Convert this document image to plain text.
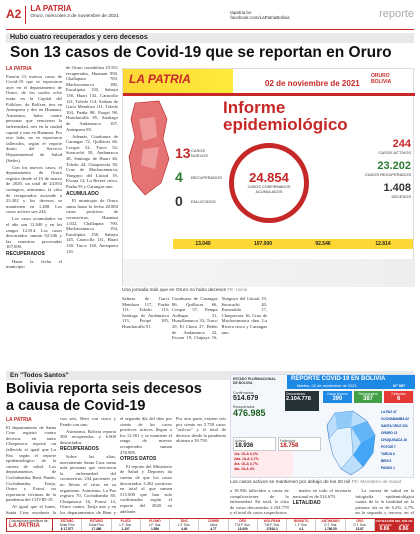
A2 LA PATRIA
Oruro, miércoles 3 de noviembre de 2021
lapatria.bo
facebook.com/LaPatriaBolivia	reporte
Hubo cuatro recuperados y cero decesos
Son 13 casos de Covid-19 que se reportan en Oruro
LA PATRIA

Fueron 13 nuevos casos de Covid-19 que se reportaron ayer en el departamento de Oruro, de los cuales ocho están en la Capital del Folklore, de Bolívar, tres en Antequera y dos en Huanuni. Asimismo, hubo cuatro personas que vencieron la enfermedad, tres en la ciudad capital y uno en Huanuni. Por otro lado, no se reportaron fallecidos, según el reporte diario del Servicio Departamental de Salud (Sedes).

Con los nuevos casos, el departamento de Oruro registra desde el 10 de marzo de 2020, un total de 24.854 contagios, asimismo, la cifra de recuperados asciende a 23.202 y los decesos se mantienen en 1.408. Los casos activos son 244.

Los casos acumulados en el año son 12.040 y en los rangos 12.814. Los casos descartados suman 92.546 y las muestras procesadas 107.000.

RECUPERADOS

Hasta la fecha el municipio

de Oruro contabiliza 19.551 recuperados, Huanuni 958, Challapata 703, Machacamarca 180, Eucaliptus 150, Sabaya 138, Huari 132, Caracollo 121, Toledo 114, Salinas de Garci Mendoza 111, Toledo 104, Pazña 98, Poopó 98, Huachacalla 85, Santiago de Andamarca 107, Antequera 85.

Además, Curahuara de Carangas 72, Quillacas 66, Corque 52, Turco 52, Soracachi 50, Andamarca 48, Santiago de Huari 46, Toledo 44, Choquecota 38, Cruz de Machacamarca, Yunguyo del Litoral 19, Escara 12, La Rivera cinco, Pazña 95 y Carangas uno.

ACUMULADO

El municipio de Oruro suma hasta la fecha 20.884 casos positivos de coronavirus, Huanuni 1.032, Challapata 790, Machacamarca 194, Eucaliptus 158, Sabaya 145, Caracollo 131, Huari 138, Turco 130, Antequera 118.

Salinas de Garci Mendoza 117, Pazña 111, Toledo 113, Santiago de Andamarca 113, Poopó 105, Huachacalla 91.

Curahuara de Carangas 86, Quillacas 66, Corque 57, Pampa Aullagas 31, Huayllamarca 33, Turco 29, El Choro 27, Belén de Andamarca 22, Escara 19, Chipaya 16, Yunguyo del Litoral 19, Soracachi 20, Esmeralda 17, Choquecota 16, Cruz de Machacamarca diez, La Rivera cinco y Carangas uno.

LA PATRIA	02 de noviembre de 2021
ORURO BOLIVIA
Informe epidemiológico
13 CASOS NUEVOS
4	RECUPERADOS
0	FALLECIDOS
24.854
CASOS CONFIRMADOS ACUMULADOS
244
CASOS ACTIVOS
23.202
CASOS RECUPERADOS
1.408
DECESOS
13.040	107.000	92.546	12.814
Una jornada más que en Oruro no hubo decesos FE: Inicio
En "Todos Santos"
Bolivia reporta seis decesos a causa de Covid-19
LA PATRIA

El departamento de Santa Cruz registró cuatro decesos, en tanto Chuquisaca reportó un fallecido al igual que La Paz, según el reporte epidemiológico de la cartera de salud. Los departamentos de Cochabamba, Beni, Pando, Cochabamba, Tarija, Oruro y Potosí no reportaron víctimas de la pandemia del COVID-19.

Al igual que el lunes, Santa Cruz encabeza la

con seis, Beni con cinco y Pando con uno.

Asimismo, Bolivia reporta 390 recuperados y 6.000 descartados.

RECUPERADOS

Sobre las altas, nuevamente Santa Cruz suma más personas que vencieron la enfermedad del coronavirus, 234 pacientes ya no llevan el virus en su organismo. Asimismo, La Paz registra 70, Cochabamba 38, Chuquisaca 16, Potosí 14, Oruro cuatro, Tarija uno y en los departamentos de Beni y

el segundo día del diez por ciento de los casos positivos activos llegan a los 12.501 y se mantiene el rango de nuevos recuperados suman 476.985.

OTROS DATOS

El reporte del Ministerio de Salud y Deportes da cuenta de que los casos descartados 3.262 positivos en total al que suman 515.000 que han sido confirmados según el reporte del 2020 en adelante.

Por otra parte, existen seis por ciento en 5.758 casos "activos" y el total de decesos desde la pandemia alcanza a 18.758.

Los casos activos se mantienen por debajo de los 20 mil FE: Ministerio de Salud

a 18.936 fallecidos a causa de complicaciones de la enfermedad. En total, la cifra de casos descartados 2.104.778 y el total de casos sospechosos

mados en todo el territorio nacional es de 514.679.

LETALIDAD

La cartera de salud en la infografía epidemiológica cuarta de la la letalidad en la primera ola es de 6.2%, 2,7% en la segunda y tercera, en el

ESTADO PLURINACIONAL DE BOLIVIA
REPORTE COVID-19 EN BOLIVIA
Martes, 02 de noviembre de 2021	N° 587
Confirmados
514.679
Recuperados
476.985
Descartados
2.104.778
Activos
18.936
Fallecidos
18.758
1ra. OLA 6,2%
2da. OLA 2,7%
3ra. OLA 2,7%
4ta. OLA 4%
Casos Nuevos
390
Recuperados
387
Fallecidos
6
LA PAZ 47
COCHABAMBA 62
SANTA CRUZ 234
ORURO 13
CHUQUISACA 16
POTOSÍ 7
TARIJA 6
BENI 5
PANDO 1
Cotizaciones gentileza de:
LA PATRIA
ESTAÑO
Dólar Fino
$ 17.577
ESTAÑO
Dólar Fino
17.486
PLATA
L.F. Sus.
1.107
PLOMO
L.F. Sus.
1.556
ZINC
L.F. Sus.
4.49
COBRE
Libra
4.77
ORO
T.M.F. Sus.
13.000
WOLFRAM
T.M.F. Sus.
17610.2
BISMUTO
L.F. Sus.
4.1
ANTIMONIO
O.T. Sus.
1.786.55
ORO
O.T. Sus.
22.87
COTIZACIÓN DEL DÓLAR
COMPRA	VENTA
6.86 6.86
